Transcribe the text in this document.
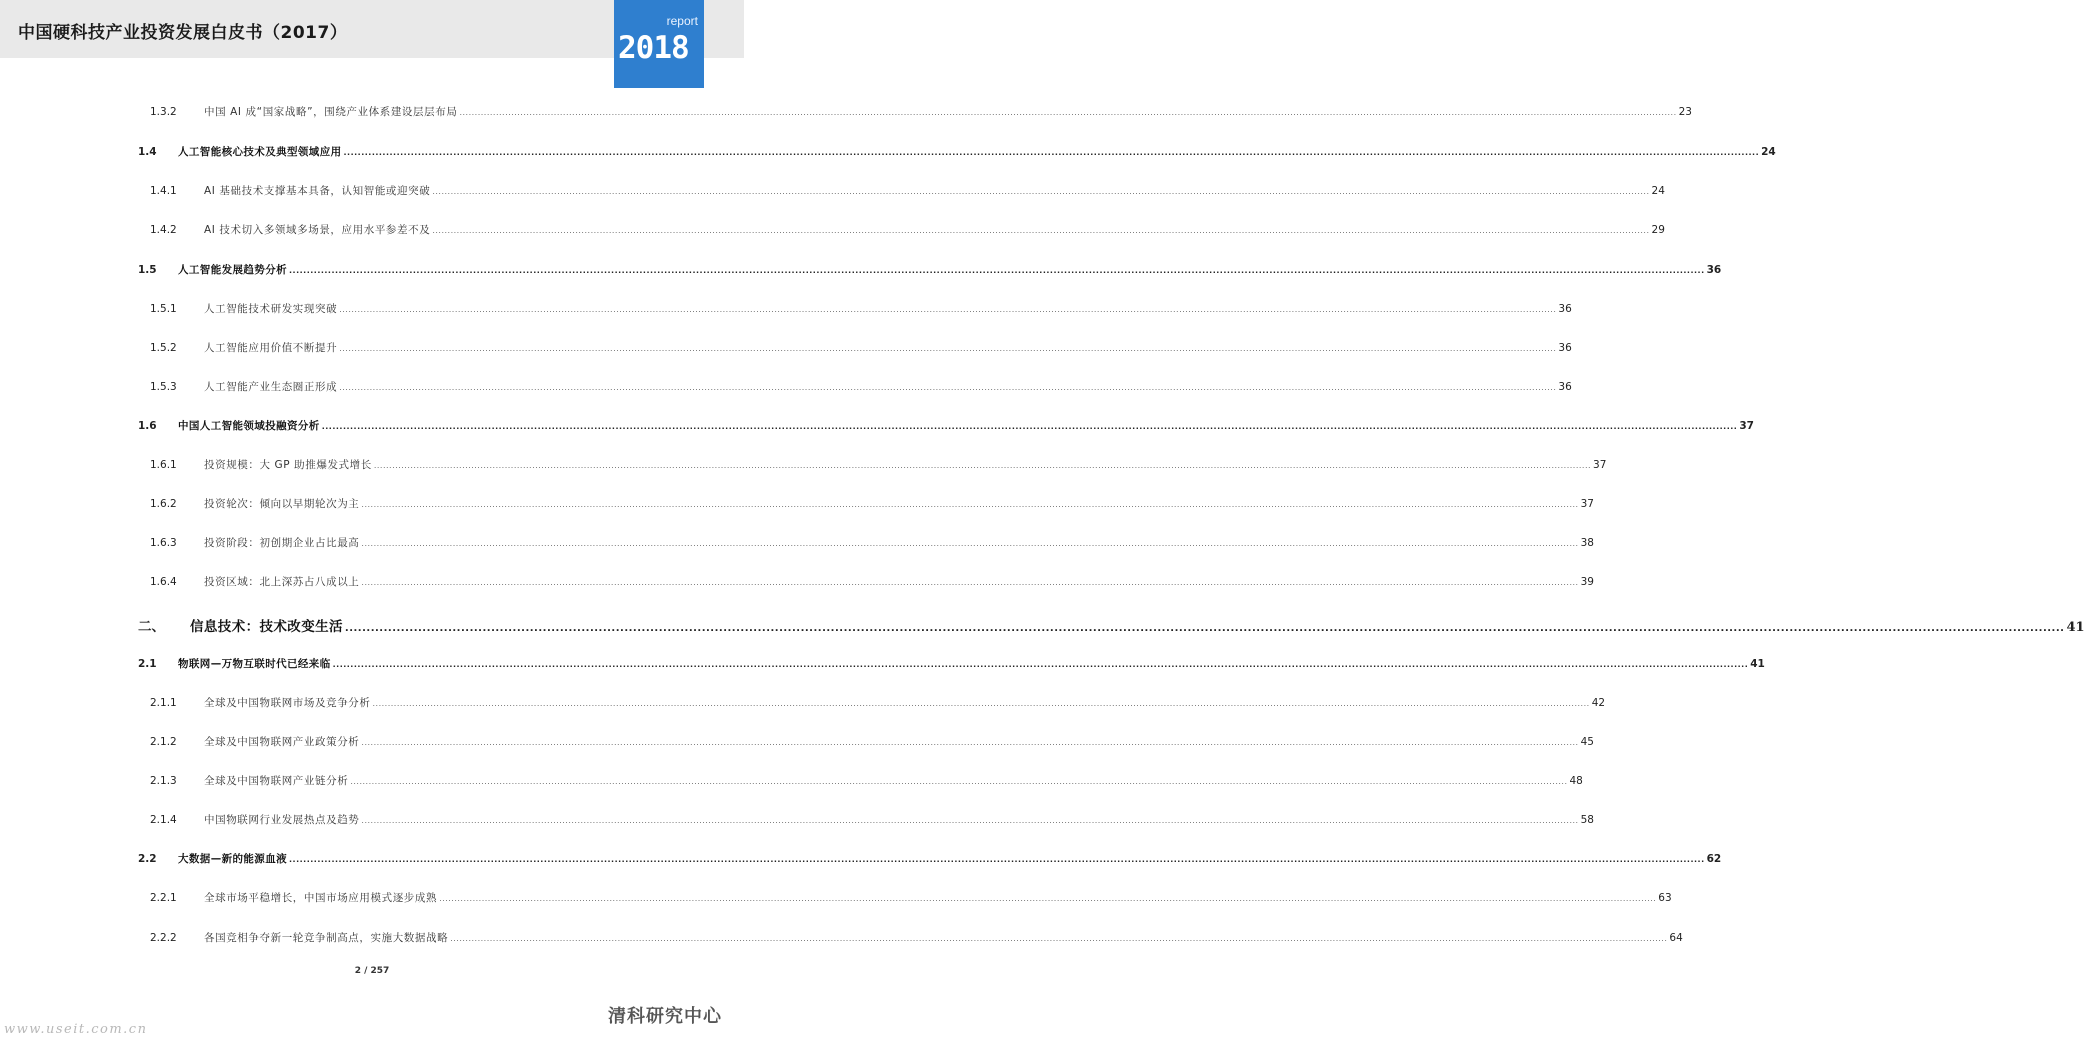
中国硬科技产业投资发展白皮书（2017）
report
2018
1.3.2	中国 AI 成“国家战略”，围绕产业体系建设层层布局 ................................................................................................................................................................................................................................................................................................................................................................................................................ 23
1.4	人工智能核心技术及典型领域应用 ................................................................................................................................................................................................................................................................................................................................................................................................................ 24
1.4.1	AI 基础技术支撑基本具备，认知智能或迎突破 ................................................................................................................................................................................................................................................................................................................................................................................................................ 24
1.4.2	AI 技术切入多领域多场景，应用水平参差不及 ................................................................................................................................................................................................................................................................................................................................................................................................................ 29
1.5	人工智能发展趋势分析 ................................................................................................................................................................................................................................................................................................................................................................................................................ 36
1.5.1	人工智能技术研发实现突破 ................................................................................................................................................................................................................................................................................................................................................................................................................ 36
1.5.2	人工智能应用价值不断提升 ................................................................................................................................................................................................................................................................................................................................................................................................................ 36
1.5.3	人工智能产业生态圈正形成 ................................................................................................................................................................................................................................................................................................................................................................................................................ 36
1.6	中国人工智能领域投融资分析 ................................................................................................................................................................................................................................................................................................................................................................................................................ 37
1.6.1	投资规模：大 GP 助推爆发式增长 ................................................................................................................................................................................................................................................................................................................................................................................................................ 37
1.6.2	投资轮次：倾向以早期轮次为主 ................................................................................................................................................................................................................................................................................................................................................................................................................ 37
1.6.3	投资阶段：初创期企业占比最高 ................................................................................................................................................................................................................................................................................................................................................................................................................ 38
1.6.4	投资区域：北上深苏占八成以上 ................................................................................................................................................................................................................................................................................................................................................................................................................ 39
二、	信息技术：技术改变生活 ................................................................................................................................................................................................................................................................................................................................................................................................................ 41
2.1	物联网—万物互联时代已经来临 ................................................................................................................................................................................................................................................................................................................................................................................................................ 41
2.1.1	全球及中国物联网市场及竞争分析 ................................................................................................................................................................................................................................................................................................................................................................................................................ 42
2.1.2	全球及中国物联网产业政策分析 ................................................................................................................................................................................................................................................................................................................................................................................................................ 45
2.1.3	全球及中国物联网产业链分析 ................................................................................................................................................................................................................................................................................................................................................................................................................ 48
2.1.4	中国物联网行业发展热点及趋势 ................................................................................................................................................................................................................................................................................................................................................................................................................ 58
2.2	大数据—新的能源血液 ................................................................................................................................................................................................................................................................................................................................................................................................................ 62
2.2.1	全球市场平稳增长，中国市场应用模式逐步成熟 ................................................................................................................................................................................................................................................................................................................................................................................................................ 63
2.2.2	各国竞相争夺新一轮竞争制高点，实施大数据战略 ................................................................................................................................................................................................................................................................................................................................................................................................................ 64
2 / 257
清科研究中心
www.useit.com.cn
